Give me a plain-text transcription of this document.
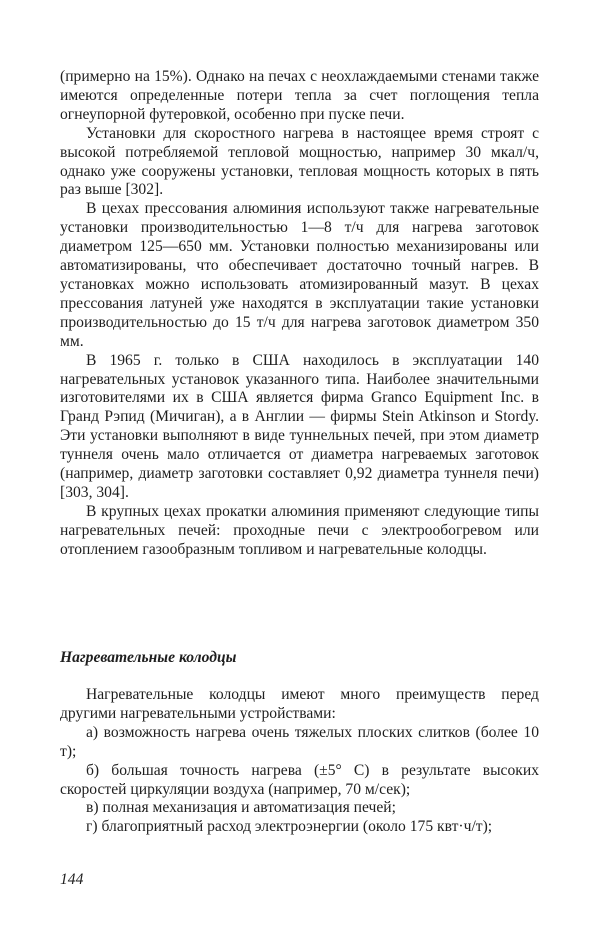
(примерно на 15%). Однако на печах с неохлаждаемыми стенами также имеются определенные потери тепла за счет поглощения тепла огнеупорной футеровкой, особенно при пуске печи.

Установки для скоростного нагрева в настоящее время строят с высокой потребляемой тепловой мощностью, например 30 мкал/ч, однако уже сооружены установки, тепловая мощность которых в пять раз выше [302].

В цехах прессования алюминия используют также нагревательные установки производительностью 1—8 т/ч для нагрева заготовок диаметром 125—650 мм. Установки полностью механизированы или автоматизированы, что обеспечивает достаточно точный нагрев. В установках можно использовать атомизированный мазут. В цехах прессования латуней уже находятся в эксплуатации такие установки производительностью до 15 т/ч для нагрева заготовок диаметром 350 мм.

В 1965 г. только в США находилось в эксплуатации 140 нагревательных установок указанного типа. Наиболее значительными изготовителями их в США является фирма Granco Equipment Inc. в Гранд Рэпид (Мичиган), а в Англии — фирмы Stein Atkinson и Stordy. Эти установки выполняют в виде туннельных печей, при этом диаметр туннеля очень мало отличается от диаметра нагреваемых заготовок (например, диаметр заготовки составляет 0,92 диаметра туннеля печи) [303, 304].

В крупных цехах прокатки алюминия применяют следующие типы нагревательных печей: проходные печи с электрообогревом или отоплением газообразным топливом и нагревательные колодцы.

Нагревательные колодцы

Нагревательные колодцы имеют много преимуществ перед другими нагревательными устройствами:

а) возможность нагрева очень тяжелых плоских слитков (более 10 т);

б) большая точность нагрева (±5° С) в результате высоких скоростей циркуляции воздуха (например, 70 м/сек);

в) полная механизация и автоматизация печей;

г) благоприятный расход электроэнергии (около 175 квт·ч/т);

144
